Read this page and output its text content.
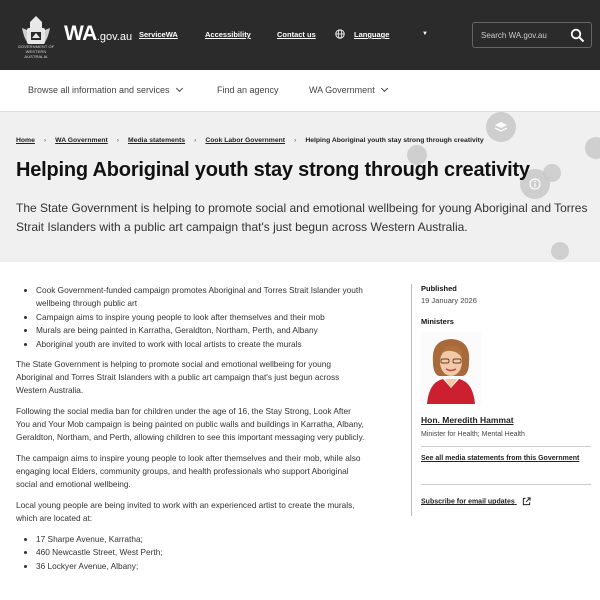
GOVERNMENT OF WESTERN AUSTRALIA
WA.gov.au ServiceWA	Accessibility	Contact us	Language	▼	Search WA.gov.au
Browse all information and services	Find an agency	WA Government
Home › WA Government › Media statements › Cook Labor Government › Helping Aboriginal youth stay strong through creativity
Helping Aboriginal youth stay strong through creativity

The State Government is helping to promote social and emotional wellbeing for young Aboriginal and Torres Strait Islanders with a public art campaign that's just begun across Western Australia.

• Cook Government-funded campaign promotes Aboriginal and Torres Strait Islander youth wellbeing through public art
• Campaign aims to inspire young people to look after themselves and their mob
• Murals are being painted in Karratha, Geraldton, Northam, Perth, and Albany
• Aboriginal youth are invited to work with local artists to create the murals

The State Government is helping to promote social and emotional wellbeing for young Aboriginal and Torres Strait Islanders with a public art campaign that's just begun across Western Australia.

Following the social media ban for children under the age of 16, the Stay Strong, Look After You and Your Mob campaign is being painted on public walls and buildings in Karratha, Albany, Geraldton, Northam, and Perth, allowing children to see this important messaging very publicly.

The campaign aims to inspire young people to look after themselves and their mob, while also engaging local Elders, community groups, and health professionals who support Aboriginal social and emotional wellbeing.

Local young people are being invited to work with an experienced artist to create the murals, which are located at:

• 17 Sharpe Avenue, Karratha;
• 460 Newcastle Street, West Perth;
• 36 Lockyer Avenue, Albany;
Published
19 January 2026
Ministers
Hon. Meredith Hammat
Minister for Health; Mental Health
See all media statements from this Government
Subscribe for email updates
